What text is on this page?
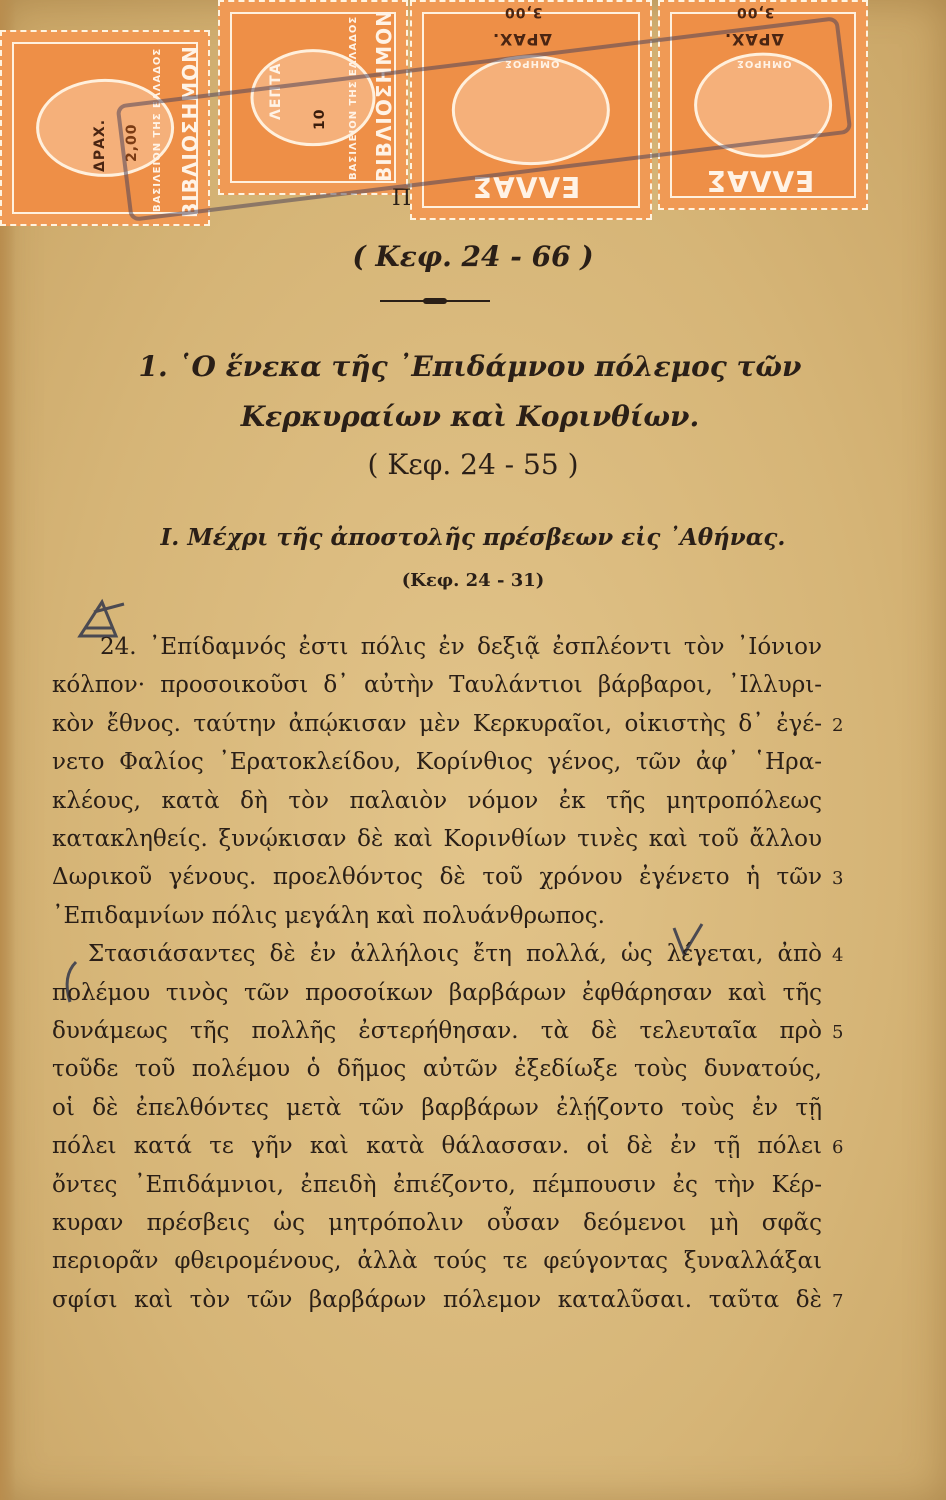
ΒΙΒΛΙΟΣΗΜΟΝ
ΒΑΣΙΛΕΙΟΝ ΤΗΣ ΕΛΛΑΔΟΣ
2,00
ΔΡΑΧ.	ΒΙΒΛΙΟΣΗΜΟΝ
ΒΑΣΙΛΕΙΟΝ ΤΗΣ ΕΛΛΑΔΟΣ
10
ΛΕΠΤΑ
ΕΛΛΑΣ
ΔΡΑΧ.
3,00
ΟΜΗΡΟΣ
ΕΛΛΑΣ
ΔΡΑΧ.
3,00
ΟΜΗΡΟΣ
Π
( Κεφ. 24 - 66 )
1. ῾Ο ἕνεκα τῆς ᾿Επιδάμνου πόλεμος τῶν
Κερκυραίων καὶ Κορινθίων.
( Κεφ. 24 - 55 )
Ι. Μέχρι τῆς ἀποστολῆς πρέσβεων εἰς ᾿Αθήνας.
(Κεφ. 24 - 31)
24. ᾿Επίδαμνός ἐστι πόλις ἐν δεξιᾷ ἐσπλέοντι τὸν ᾿Ιόνιον
κόλπον· προσοικοῦσι δ᾿ αὐτὴν Ταυλάντιοι βάρβαροι, ᾿Ιλλυρι-
κὸν ἔθνος. ταύτην ἀπῴκισαν μὲν Κερκυραῖοι, οἰκιστὴς δ᾿ ἐγέ-
νετο Φαλίος ᾿Ερατοκλείδου, Κορίνθιος γένος, τῶν ἀφ᾿ ῾Ηρα-
κλέους, κατὰ δὴ τὸν παλαιὸν νόμον ἐκ τῆς μητροπόλεως
κατακληθείς. ξυνῴκισαν δὲ καὶ Κορινθίων τινὲς καὶ τοῦ ἄλλου
Δωρικοῦ γένους. προελθόντος δὲ τοῦ χρόνου ἐγένετο ἡ τῶν
᾿Επιδαμνίων πόλις μεγάλη καὶ πολυάνθρωπος.
Στασιάσαντες δὲ ἐν ἀλλήλοις ἔτη πολλά, ὡς λέγεται, ἀπὸ
πολέμου τινὸς τῶν προσοίκων βαρβάρων ἐφθάρησαν καὶ τῆς
δυνάμεως τῆς πολλῆς ἐστερήθησαν. τὰ δὲ τελευταῖα πρὸ
τοῦδε τοῦ πολέμου ὁ δῆμος αὐτῶν ἐξεδίωξε τοὺς δυνατούς,
οἱ δὲ ἐπελθόντες μετὰ τῶν βαρβάρων ἐλῄζοντο τοὺς ἐν τῇ
πόλει κατά τε γῆν καὶ κατὰ θάλασσαν. οἱ δὲ ἐν τῇ πόλει
ὄντες ᾿Επιδάμνιοι, ἐπειδὴ ἐπιέζοντο, πέμπουσιν ἐς τὴν Κέρ-
κυραν πρέσβεις ὡς μητρόπολιν οὖσαν δεόμενοι μὴ σφᾶς
περιορᾶν φθειρομένους, ἀλλὰ τούς τε φεύγοντας ξυναλλάξαι
σφίσι καὶ τὸν τῶν βαρβάρων πόλεμον καταλῦσαι. ταῦτα δὲ
2
3
4
5
6
7
